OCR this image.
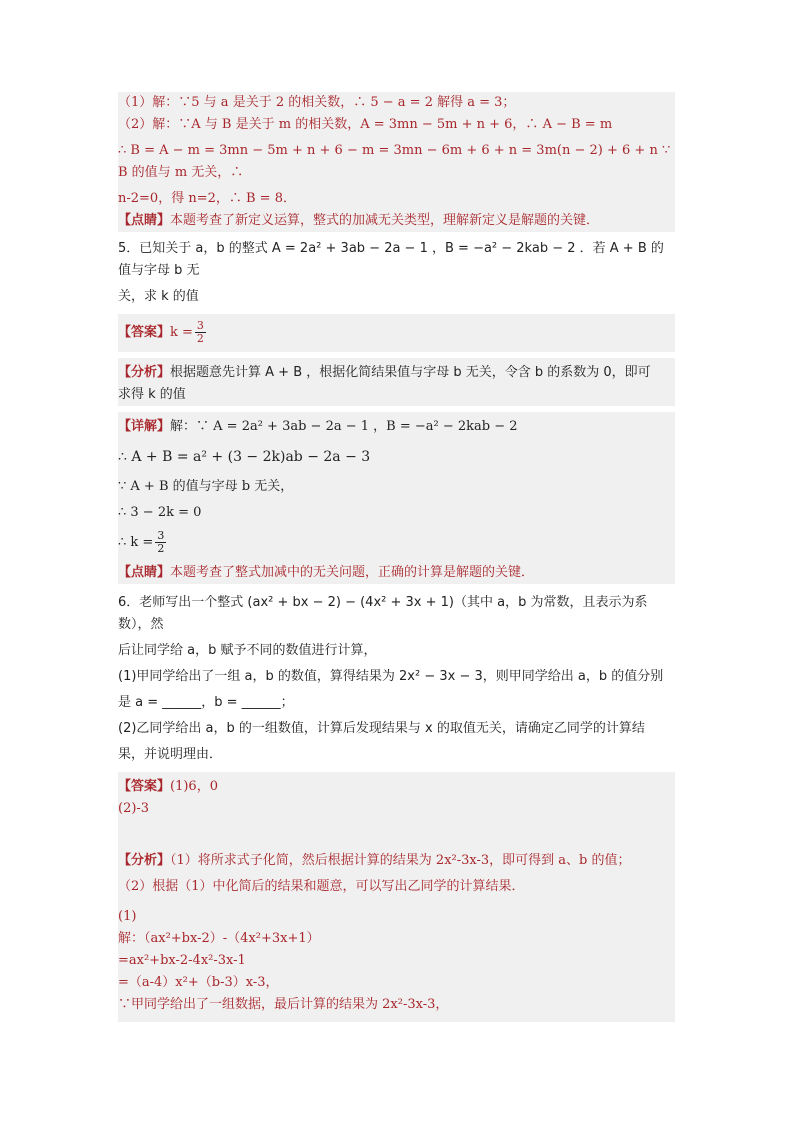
（1）解：∵5 与 a 是关于 2 的相关数，∴ 5 − a = 2 解得 a = 3；
（2）解：∵A 与 B 是关于 m 的相关数，A = 3mn − 5m + n + 6，∴ A − B = m
∴ B = A − m = 3mn − 5m + n + 6 − m = 3mn − 6m + 6 + n = 3m(n − 2) + 6 + n ∵ B 的值与 m 无关，∴
n-2=0，得 n=2，∴ B = 8．
【点睛】本题考查了新定义运算，整式的加减无关类型，理解新定义是解题的关键．
5．已知关于 a，b 的整式 A = 2a² + 3ab − 2a − 1 ，B = −a² − 2kab − 2 ．若 A + B 的值与字母 b 无
关，求 k 的值
【答案】$k = \frac{3}{2}$
【分析】根据题意先计算 A + B ，根据化简结果值与字母 b 无关，令含 b 的系数为 0，即可
求得 k 的值
【详解】解：∵ A = 2a² + 3ab − 2a − 1 ，B = −a² − 2kab − 2
∴ A + B = a² + (3 − 2k)ab − 2a − 3
∵ A + B 的值与字母 b 无关，
∴ 3 − 2k = 0
∴ $k = \frac{3}{2}$
【点睛】本题考查了整式加减中的无关问题，正确的计算是解题的关键．
6．老师写出一个整式 (ax² + bx − 2) − (4x² + 3x + 1)（其中 a，b 为常数，且表示为系数），然
后让同学给 a，b 赋予不同的数值进行计算，
(1)甲同学给出了一组 a，b 的数值，算得结果为 2x² − 3x − 3，则甲同学给出 a，b 的值分别
是 a = ______，b = ______；
(2)乙同学给出 a，b 的一组数值，计算后发现结果与 x 的取值无关，请确定乙同学的计算结
果，并说明理由．
【答案】(1)6，0
(2)-3
【分析】（1）将所求式子化简，然后根据计算的结果为 2x²-3x-3，即可得到 a、b 的值；
（2）根据（1）中化简后的结果和题意，可以写出乙同学的计算结果．
(1)
解：（ax²+bx-2）-（4x²+3x+1）
=ax²+bx-2-4x²-3x-1
=（a-4）x²+（b-3）x-3，
∵甲同学给出了一组数据，最后计算的结果为 2x²-3x-3，
